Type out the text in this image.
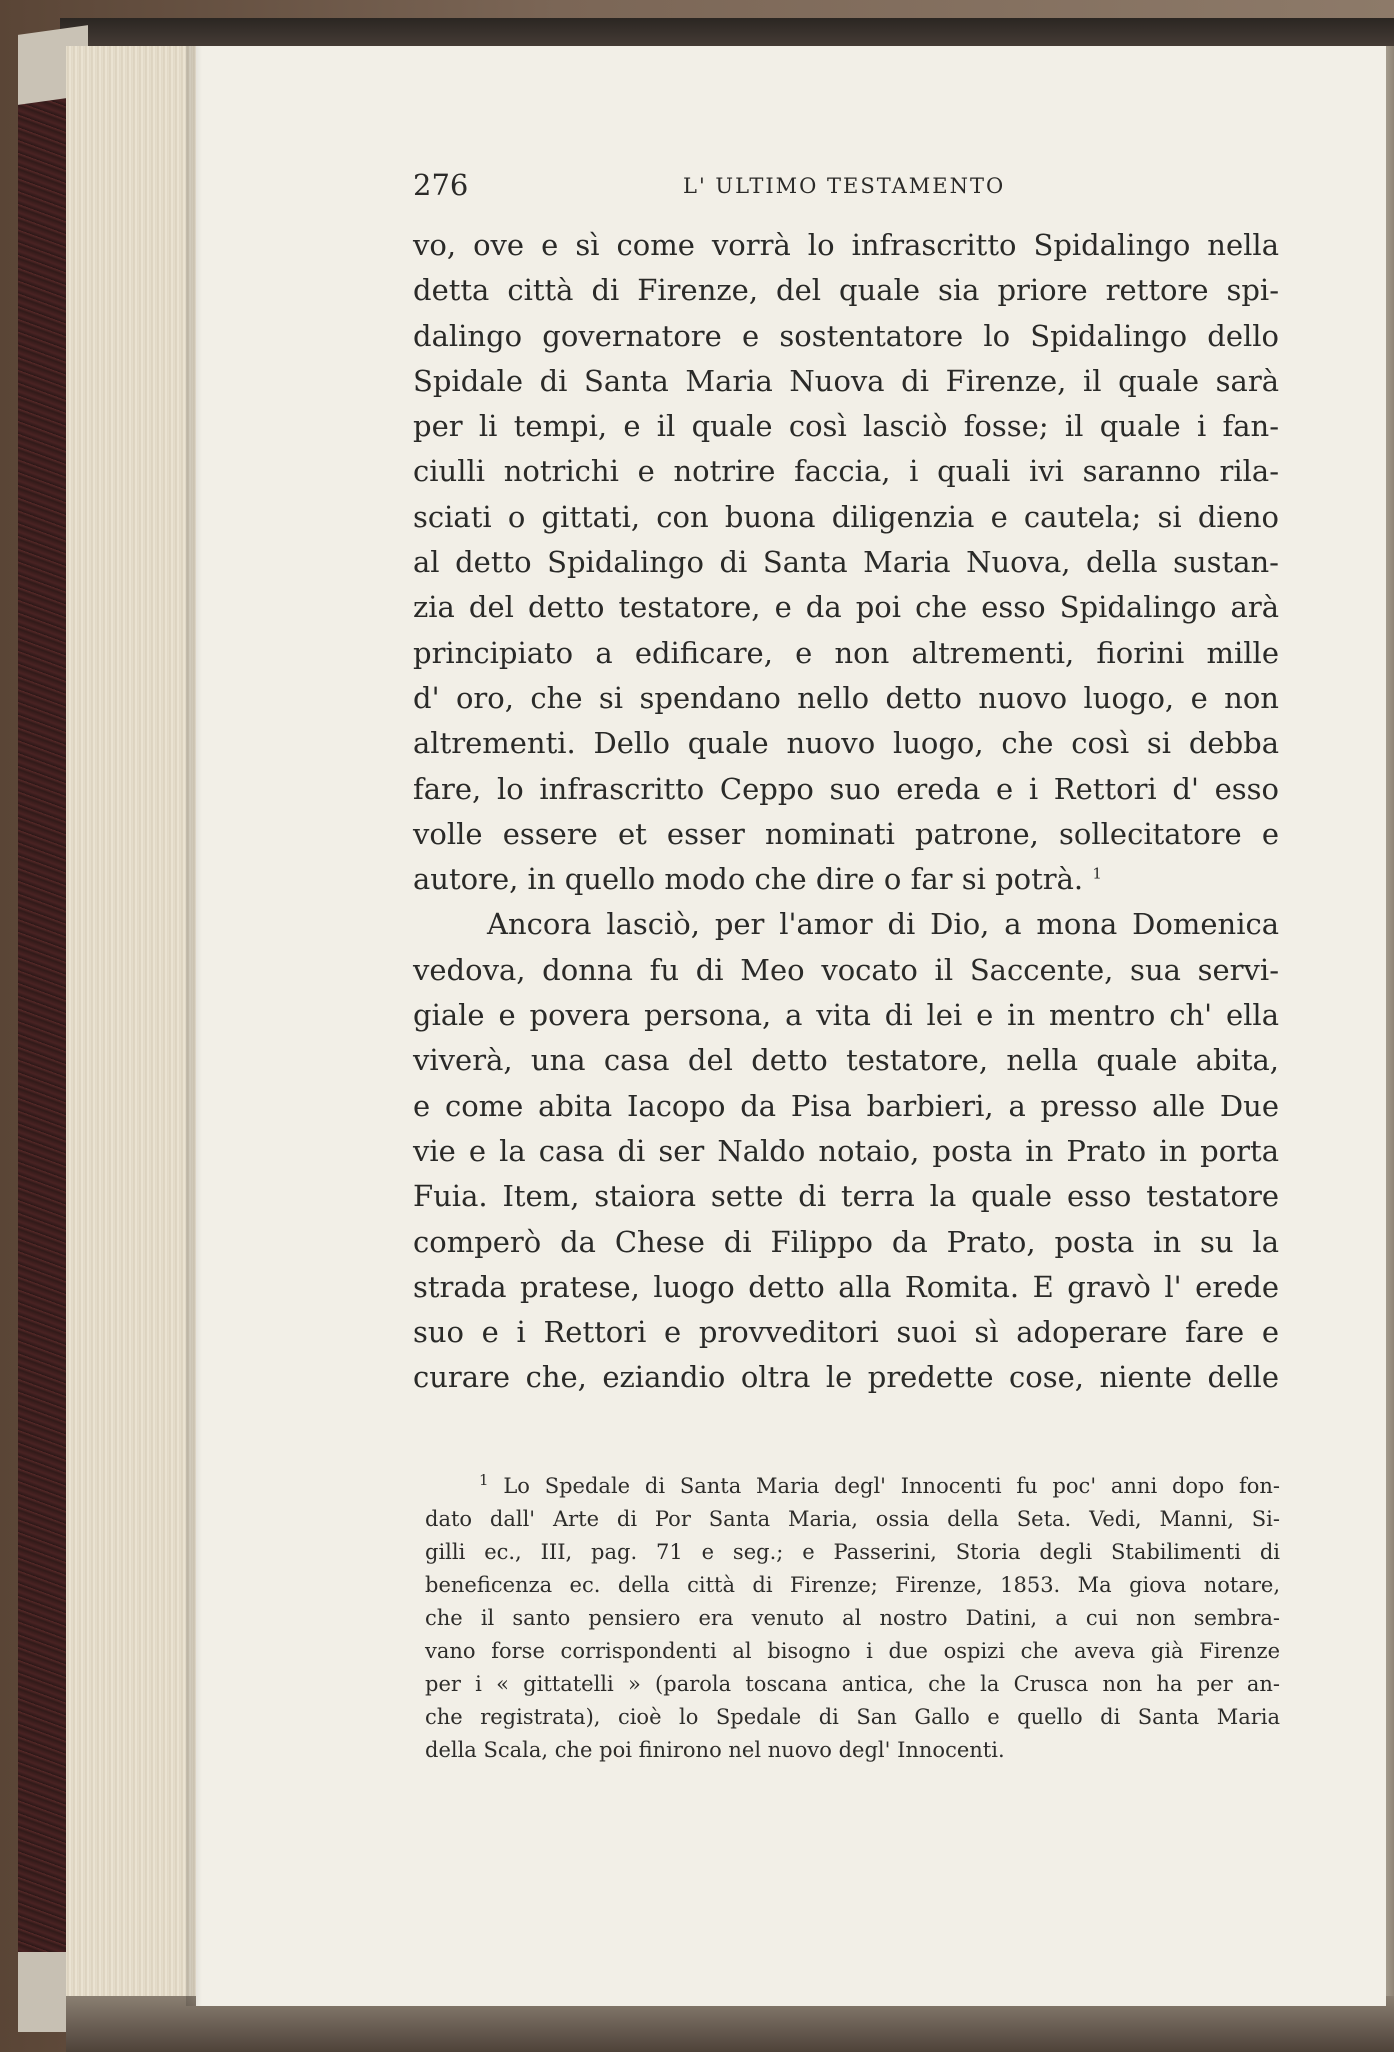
276	L' ULTIMO TESTAMENTO
vo, ove e sì come vorrà lo infrascritto Spidalingo nella
detta città di Firenze, del quale sia priore rettore spi-
dalingo governatore e sostentatore lo Spidalingo dello
Spidale di Santa Maria Nuova di Firenze, il quale sarà
per li tempi, e il quale così lasciò fosse; il quale i fan-
ciulli notrichi e notrire faccia, i quali ivi saranno rila-
sciati o gittati, con buona diligenzia e cautela; si dieno
al detto Spidalingo di Santa Maria Nuova, della sustan-
zia del detto testatore, e da poi che esso Spidalingo arà
principiato a edificare, e non altrementi, fiorini mille
d' oro, che si spendano nello detto nuovo luogo, e non
altrementi. Dello quale nuovo luogo, che così si debba
fare, lo infrascritto Ceppo suo ereda e i Rettori d' esso
volle essere et esser nominati patrone, sollecitatore e
autore, in quello modo che dire o far si potrà. $^1$
Ancora lasciò, per l'amor di Dio, a mona Domenica
vedova, donna fu di Meo vocato il Saccente, sua servi-
giale e povera persona, a vita di lei e in mentro ch' ella
viverà, una casa del detto testatore, nella quale abita,
e come abita Iacopo da Pisa barbieri, a presso alle Due
vie e la casa di ser Naldo notaio, posta in Prato in porta
Fuia. Item, staiora sette di terra la quale esso testatore
comperò da Chese di Filippo da Prato, posta in su la
strada pratese, luogo detto alla Romita. E gravò l' erede
suo e i Rettori e provveditori suoi sì adoperare fare e
curare che, eziandio oltra le predette cose, niente delle
$^1$ Lo Spedale di Santa Maria degl' Innocenti fu poc' anni dopo fon-
dato dall' Arte di Por Santa Maria, ossia della Seta. Vedi, Manni, Si-
gilli ec., III, pag. 71 e seg.; e Passerini, Storia degli Stabilimenti di
beneficenza ec. della città di Firenze; Firenze, 1853. Ma giova notare,
che il santo pensiero era venuto al nostro Datini, a cui non sembra-
vano forse corrispondenti al bisogno i due ospizi che aveva già Firenze
per i « gittatelli » (parola toscana antica, che la Crusca non ha per an-
che registrata), cioè lo Spedale di San Gallo e quello di Santa Maria
della Scala, che poi finirono nel nuovo degl' Innocenti.
